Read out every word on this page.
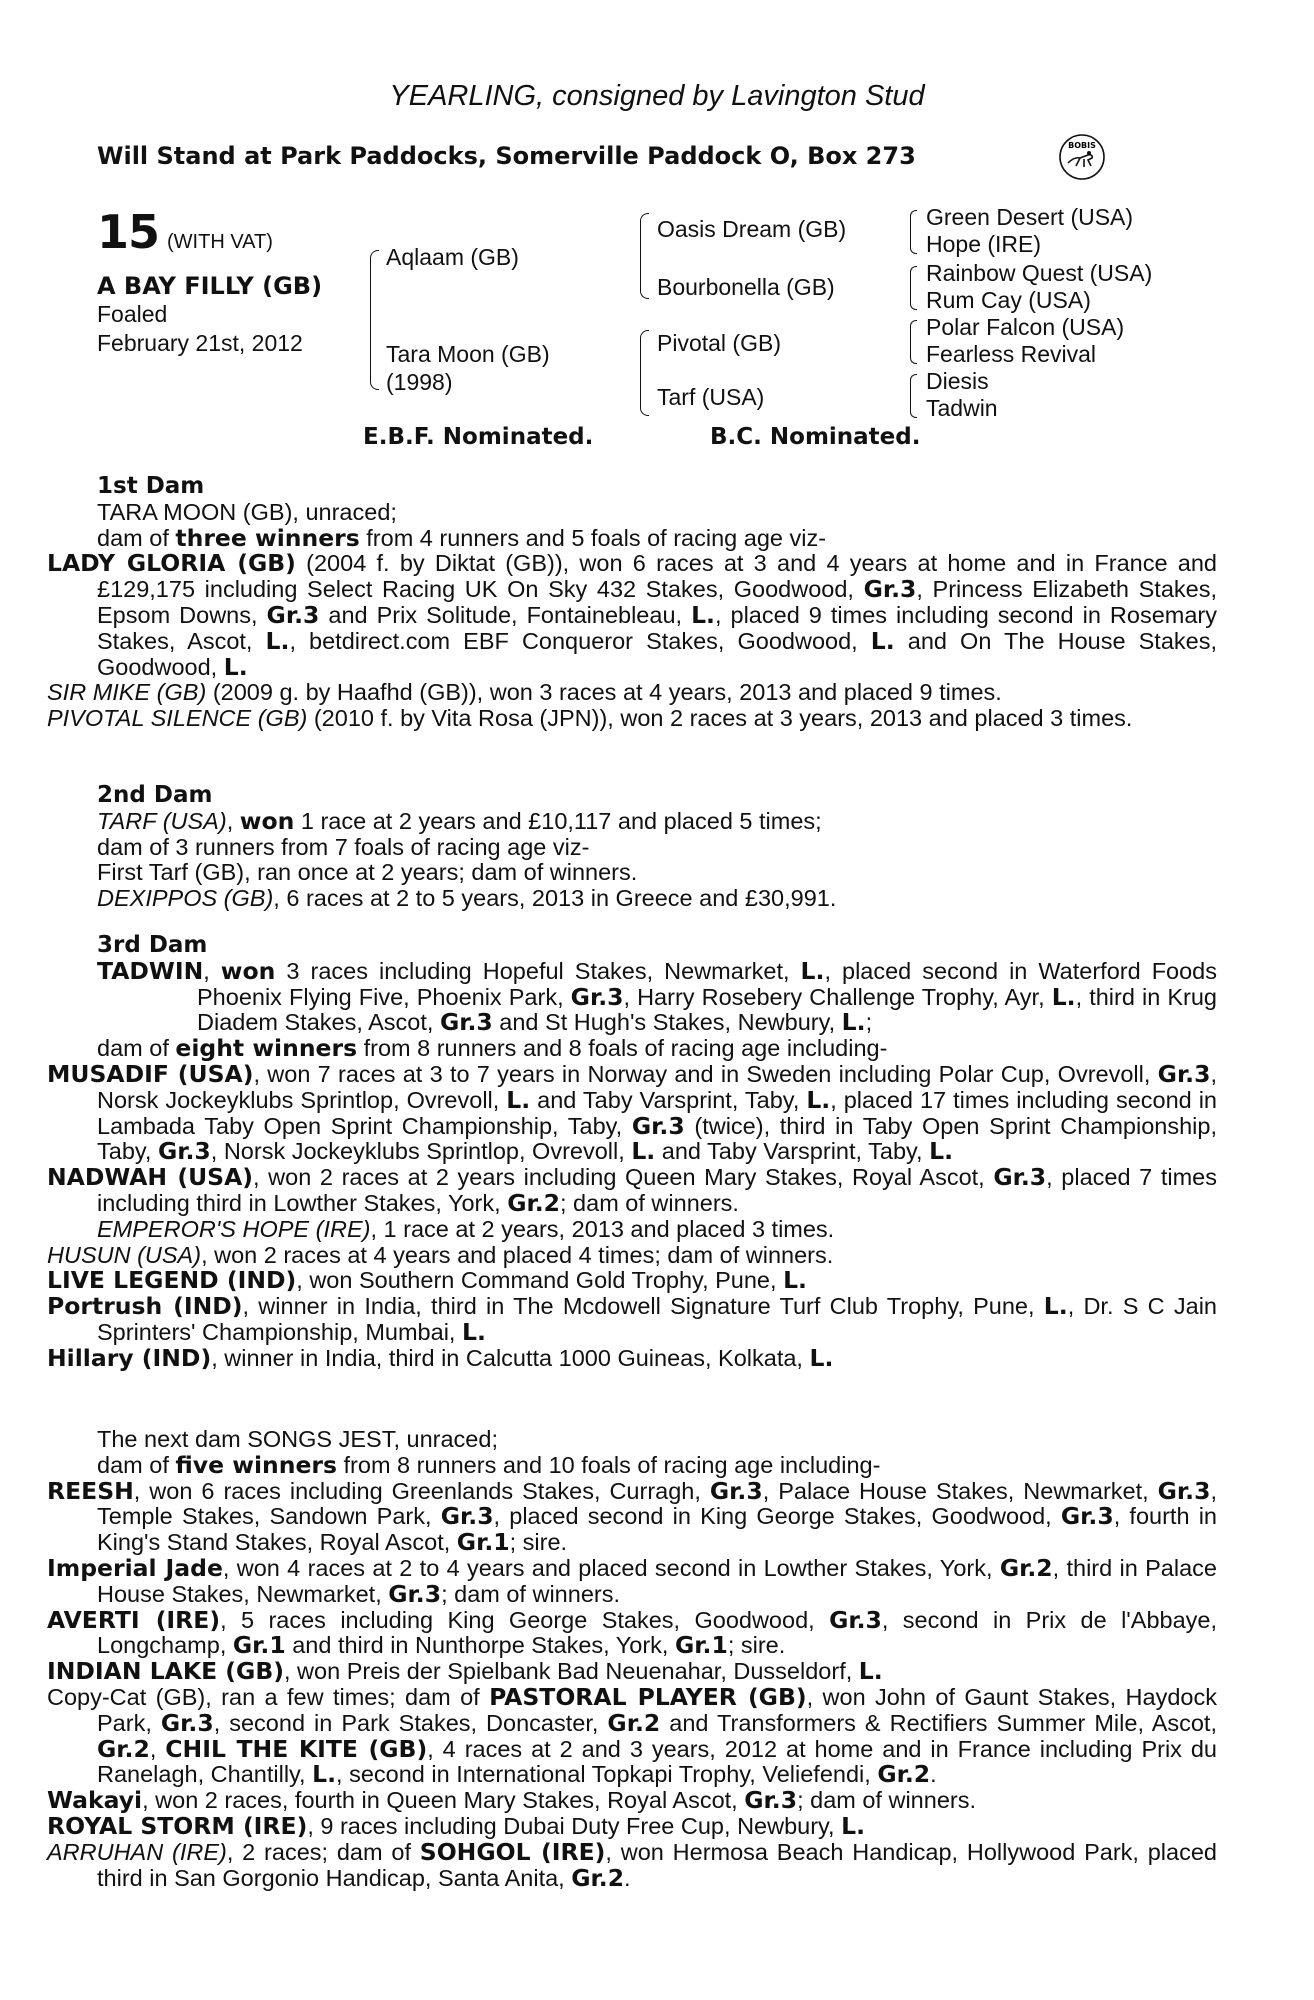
YEARLING, consigned by Lavington Stud
Will Stand at Park Paddocks, Somerville Paddock O, Box 273	BOBIS
15 (WITH VAT)
A BAY FILLY (GB)
Foaled
February 21st, 2012
Aqlaam (GB)
Tara Moon (GB)
(1998)
Oasis Dream (GB)
Bourbonella (GB)
Pivotal (GB)
Tarf (USA)
Green Desert (USA)
Hope (IRE)
Rainbow Quest (USA)
Rum Cay (USA)
Polar Falcon (USA)
Fearless Revival
Diesis
Tadwin
E.B.F. Nominated.	B.C. Nominated.

1st Dam

TARA MOON (GB), unraced;

dam of three winners from 4 runners and 5 foals of racing age viz-

LADY GLORIA (GB) (2004 f. by Diktat (GB)), won 6 races at 3 and 4 years at home and in France and £129,175 including Select Racing UK On Sky 432 Stakes, Goodwood, Gr.3, Princess Elizabeth Stakes, Epsom Downs, Gr.3 and Prix Solitude, Fontainebleau, L., placed 9 times including second in Rosemary Stakes, Ascot, L., betdirect.com EBF Conqueror Stakes, Goodwood, L. and On The House Stakes, Goodwood, L.

SIR MIKE (GB) (2009 g. by Haafhd (GB)), won 3 races at 4 years, 2013 and placed 9 times.

PIVOTAL SILENCE (GB) (2010 f. by Vita Rosa (JPN)), won 2 races at 3 years, 2013 and placed 3 times.

2nd Dam

TARF (USA), won 1 race at 2 years and £10,117 and placed 5 times;

dam of 3 runners from 7 foals of racing age viz-

First Tarf (GB), ran once at 2 years; dam of winners.

DEXIPPOS (GB), 6 races at 2 to 5 years, 2013 in Greece and £30,991.

3rd Dam

TADWIN, won 3 races including Hopeful Stakes, Newmarket, L., placed second in Waterford Foods Phoenix Flying Five, Phoenix Park, Gr.3, Harry Rosebery Challenge Trophy, Ayr, L., third in Krug Diadem Stakes, Ascot, Gr.3 and St Hugh's Stakes, Newbury, L.;

dam of eight winners from 8 runners and 8 foals of racing age including-

MUSADIF (USA), won 7 races at 3 to 7 years in Norway and in Sweden including Polar Cup, Ovrevoll, Gr.3, Norsk Jockeyklubs Sprintlop, Ovrevoll, L. and Taby Varsprint, Taby, L., placed 17 times including second in Lambada Taby Open Sprint Championship, Taby, Gr.3 (twice), third in Taby Open Sprint Championship, Taby, Gr.3, Norsk Jockeyklubs Sprintlop, Ovrevoll, L. and Taby Varsprint, Taby, L.

NADWAH (USA), won 2 races at 2 years including Queen Mary Stakes, Royal Ascot, Gr.3, placed 7 times including third in Lowther Stakes, York, Gr.2; dam of winners.

EMPEROR'S HOPE (IRE), 1 race at 2 years, 2013 and placed 3 times.

HUSUN (USA), won 2 races at 4 years and placed 4 times; dam of winners.

LIVE LEGEND (IND), won Southern Command Gold Trophy, Pune, L.

Portrush (IND), winner in India, third in The Mcdowell Signature Turf Club Trophy, Pune, L., Dr. S C Jain Sprinters' Championship, Mumbai, L.

Hillary (IND), winner in India, third in Calcutta 1000 Guineas, Kolkata, L.

The next dam SONGS JEST, unraced;

dam of five winners from 8 runners and 10 foals of racing age including-

REESH, won 6 races including Greenlands Stakes, Curragh, Gr.3, Palace House Stakes, Newmarket, Gr.3, Temple Stakes, Sandown Park, Gr.3, placed second in King George Stakes, Goodwood, Gr.3, fourth in King's Stand Stakes, Royal Ascot, Gr.1; sire.

Imperial Jade, won 4 races at 2 to 4 years and placed second in Lowther Stakes, York, Gr.2, third in Palace House Stakes, Newmarket, Gr.3; dam of winners.

AVERTI (IRE), 5 races including King George Stakes, Goodwood, Gr.3, second in Prix de l'Abbaye, Longchamp, Gr.1 and third in Nunthorpe Stakes, York, Gr.1; sire.

INDIAN LAKE (GB), won Preis der Spielbank Bad Neuenahar, Dusseldorf, L.

Copy-Cat (GB), ran a few times; dam of PASTORAL PLAYER (GB), won John of Gaunt Stakes, Haydock Park, Gr.3, second in Park Stakes, Doncaster, Gr.2 and Transformers & Rectifiers Summer Mile, Ascot, Gr.2, CHIL THE KITE (GB), 4 races at 2 and 3 years, 2012 at home and in France including Prix du Ranelagh, Chantilly, L., second in International Topkapi Trophy, Veliefendi, Gr.2.

Wakayi, won 2 races, fourth in Queen Mary Stakes, Royal Ascot, Gr.3; dam of winners.

ROYAL STORM (IRE), 9 races including Dubai Duty Free Cup, Newbury, L.

ARRUHAN (IRE), 2 races; dam of SOHGOL (IRE), won Hermosa Beach Handicap, Hollywood Park, placed third in San Gorgonio Handicap, Santa Anita, Gr.2.
